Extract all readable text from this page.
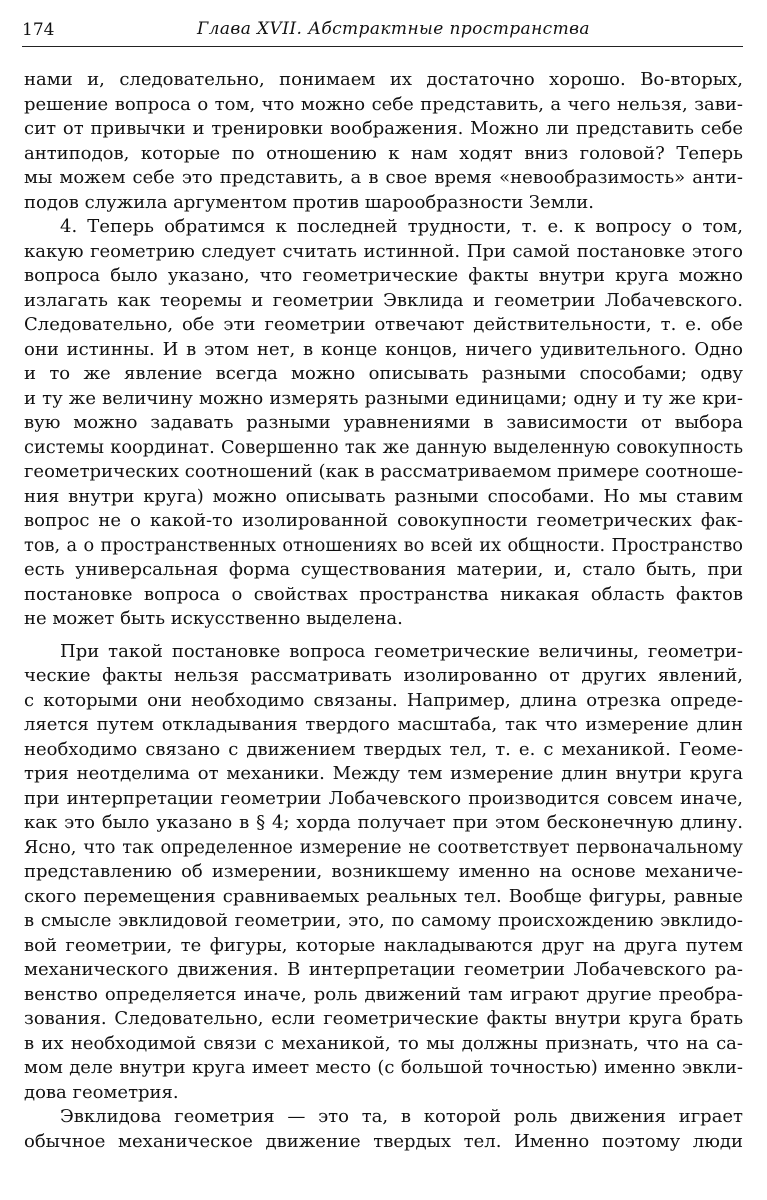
174	Глава XVII. Абстрактные пространства
нами и, следовательно, понимаем их достаточно хорошо. Во-вторых,
решение вопроса о том, что можно себе представить, а чего нельзя, зави-
сит от привычки и тренировки воображения. Можно ли представить себе
антиподов, которые по отношению к нам ходят вниз головой? Теперь
мы можем себе это представить, а в свое время «невообразимость» анти-
подов служила аргументом против шарообразности Земли.
4. Теперь обратимся к последней трудности, т. е. к вопросу о том,
какую геометрию следует считать истинной. При самой постановке этого
вопроса было указано, что геометрические факты внутри круга можно
излагать как теоремы и геометрии Эвклида и геометрии Лобачевского.
Следовательно, обе эти геометрии отвечают действительности, т. е. обе
они истинны. И в этом нет, в конце концов, ничего удивительного. Одно
и то же явление всегда можно описывать разными способами; одву
и ту же величину можно измерять разными единицами; одну и ту же кри-
вую можно задавать разными уравнениями в зависимости от выбора
системы координат. Совершенно так же данную выделенную совокупность
геометрических соотношений (как в рассматриваемом примере соотноше-
ния внутри круга) можно описывать разными способами. Но мы ставим
вопрос не о какой-то изолированной совокупности геометрических фак-
тов, а о пространственных отношениях во всей их общности. Пространство
есть универсальная форма существования материи, и, стало быть, при
постановке вопроса о свойствах пространства никакая область фактов
не может быть искусственно выделена.
При такой постановке вопроса геометрические величины, геометри-
ческие факты нельзя рассматривать изолированно от других явлений,
с которыми они необходимо связаны. Например, длина отрезка опреде-
ляется путем откладывания твердого масштаба, так что измерение длин
необходимо связано с движением твердых тел, т. е. с механикой. Геоме-
трия неотделима от механики. Между тем измерение длин внутри круга
при интерпретации геометрии Лобачевского производится совсем иначе,
как это было указано в § 4; хорда получает при этом бесконечную длину.
Ясно, что так определенное измерение не соответствует первоначальному
представлению об измерении, возникшему именно на основе механиче-
ского перемещения сравниваемых реальных тел. Вообще фигуры, равные
в смысле эвклидовой геометрии, это, по самому происхождению эвклидо-
вой геометрии, те фигуры, которые накладываются друг на друга путем
механического движения. В интерпретации геометрии Лобачевского ра-
венство определяется иначе, роль движений там играют другие преобра-
зования. Следовательно, если геометрические факты внутри круга брать
в их необходимой связи с механикой, то мы должны признать, что на са-
мом деле внутри круга имеет место (с большой точностью) именно эвкли-
дова геометрия.
Эвклидова геометрия — это та, в которой роль движения играет
обычное механическое движение твердых тел. Именно поэтому люди
